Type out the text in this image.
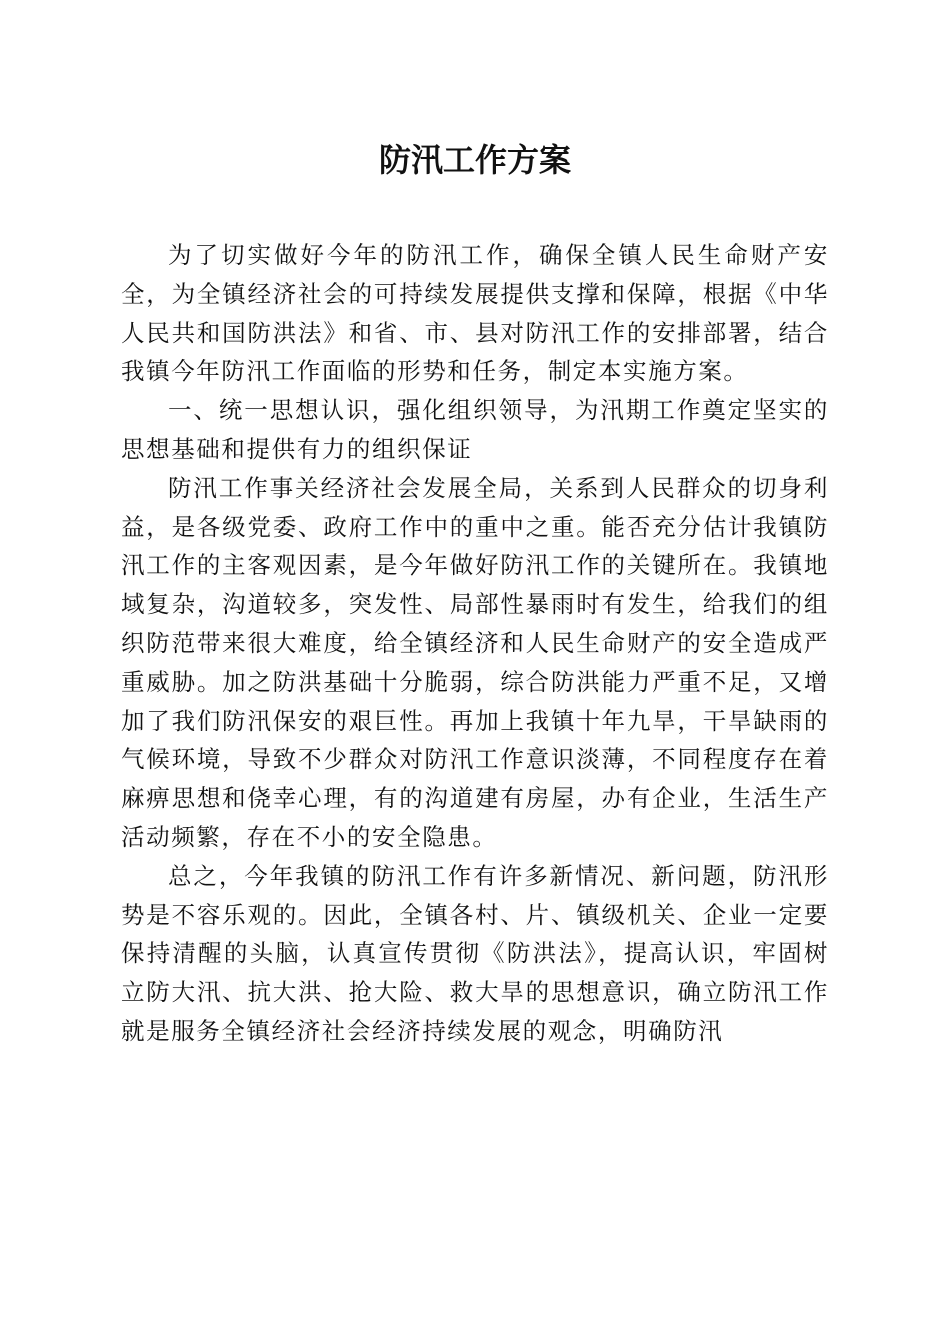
防汛工作方案

为了切实做好今年的防汛工作，确保全镇人民生命财产安全，为全镇经济社会的可持续发展提供支撑和保障，根据《中华人民共和国防洪法》和省、市、县对防汛工作的安排部署，结合我镇今年防汛工作面临的形势和任务，制定本实施方案。

一、统一思想认识，强化组织领导，为汛期工作奠定坚实的思想基础和提供有力的组织保证

防汛工作事关经济社会发展全局，关系到人民群众的切身利益，是各级党委、政府工作中的重中之重。能否充分估计我镇防汛工作的主客观因素，是今年做好防汛工作的关键所在。我镇地域复杂，沟道较多，突发性、局部性暴雨时有发生，给我们的组织防范带来很大难度，给全镇经济和人民生命财产的安全造成严重威胁。加之防洪基础十分脆弱，综合防洪能力严重不足，又增加了我们防汛保安的艰巨性。再加上我镇十年九旱，干旱缺雨的气候环境，导致不少群众对防汛工作意识淡薄，不同程度存在着麻痹思想和侥幸心理，有的沟道建有房屋，办有企业，生活生产活动频繁，存在不小的安全隐患。

总之，今年我镇的防汛工作有许多新情况、新问题，防汛形势是不容乐观的。因此，全镇各村、片、镇级机关、企业一定要保持清醒的头脑，认真宣传贯彻《防洪法》，提高认识，牢固树立防大汛、抗大洪、抢大险、救大旱的思想意识，确立防汛工作就是服务全镇经济社会经济持续发展的观念，明确防汛
